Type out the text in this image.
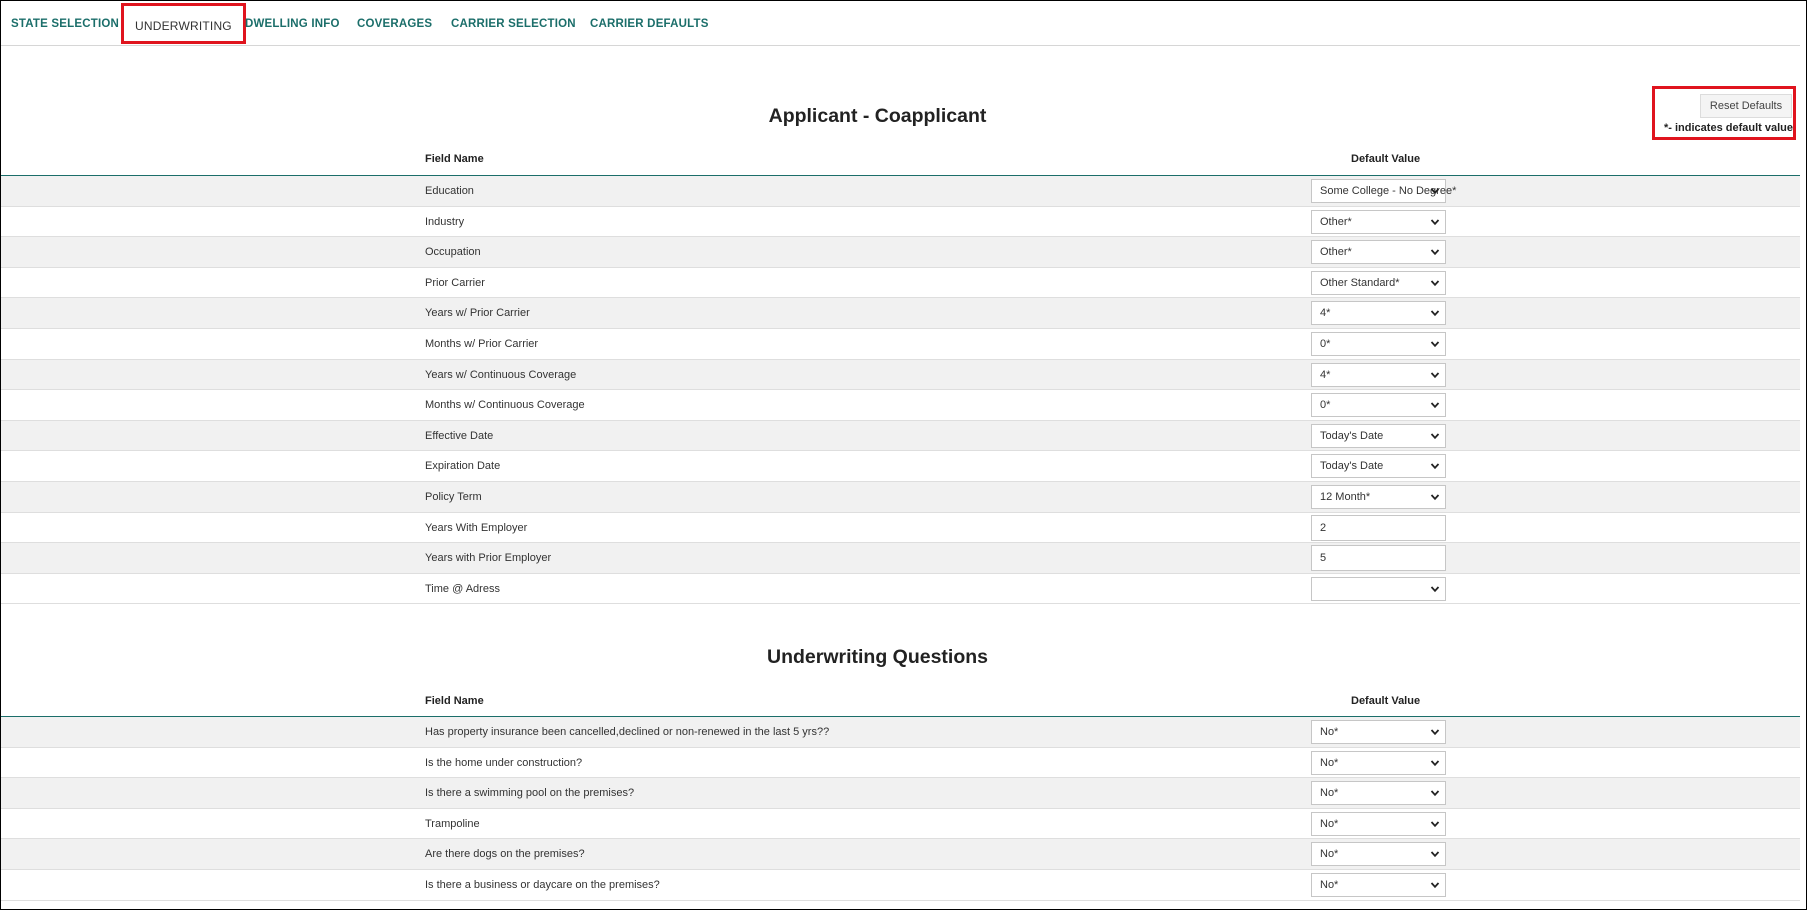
STATE SELECTION	UNDERWRITING	DWELLING INFO COVERAGES CARRIER SELECTION CARRIER DEFAULTS
Reset Defaults
*- indicates default value
Applicant - Coapplicant
Field Name	Default Value
Education	Some College - No Degree*
Industry	Other*
Occupation	Other*
Prior Carrier	Other Standard*
Years w/ Prior Carrier	4*
Months w/ Prior Carrier	0*
Years w/ Continuous Coverage	4*
Months w/ Continuous Coverage	0*
Effective Date	Today's Date
Expiration Date	Today's Date
Policy Term	12 Month*
Years With Employer	2
Years with Prior Employer	5
Time @ Adress
Underwriting Questions
Field Name	Default Value
Has property insurance been cancelled,declined or non-renewed in the last 5 yrs??	No*
Is the home under construction?	No*
Is there a swimming pool on the premises?	No*
Trampoline	No*
Are there dogs on the premises?	No*
Is there a business or daycare on the premises?	No*
